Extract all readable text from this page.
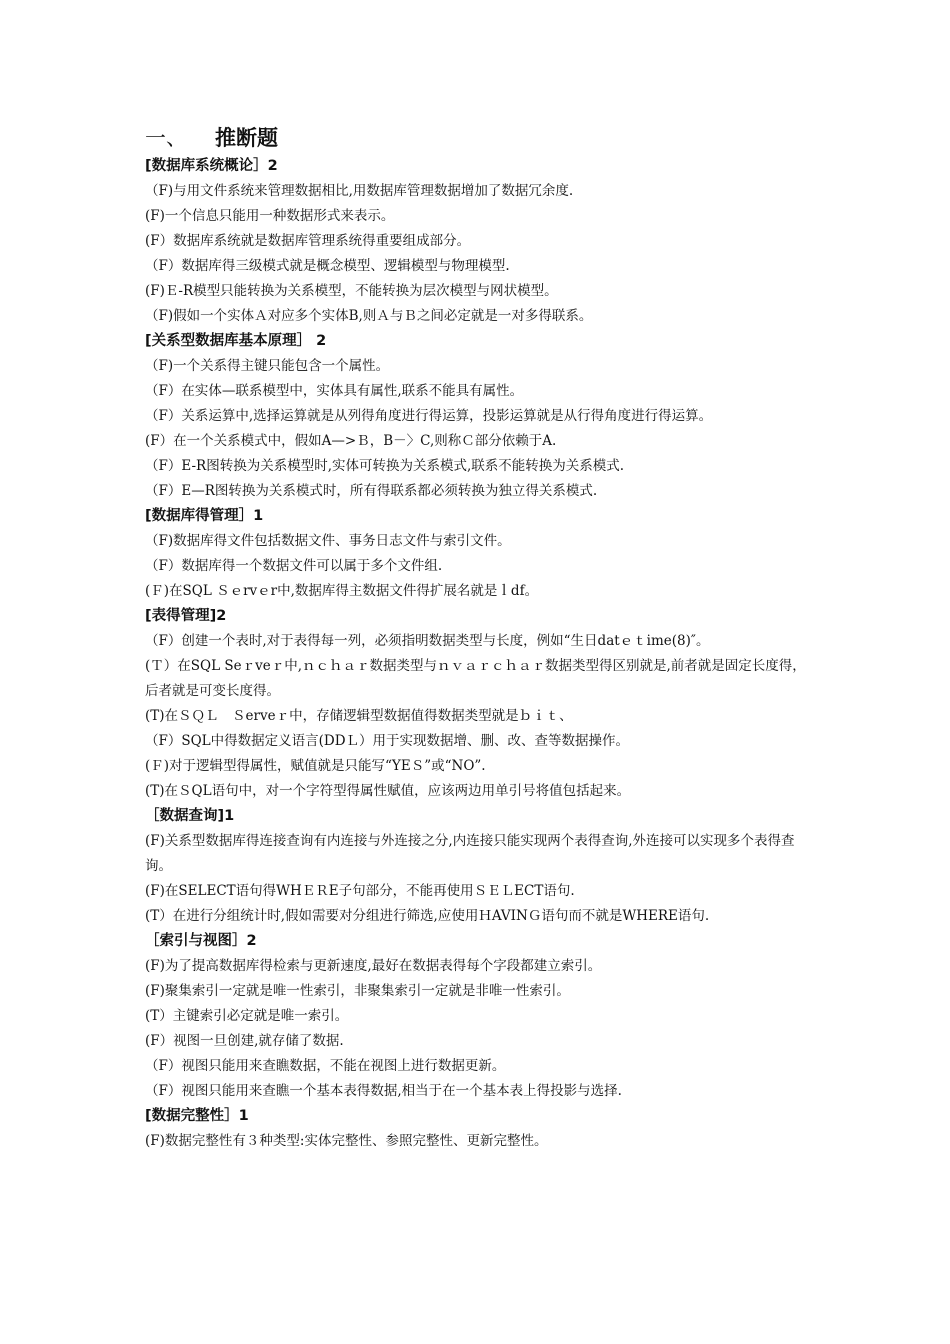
一、	推断题
[数据库系统概论］2

（F)与用文件系统来管理数据相比,用数据库管理数据增加了数据冗余度.

(F)一个信息只能用一种数据形式来表示。

(F）数据库系统就是数据库管理系统得重要组成部分。

（F）数据库得三级模式就是概念模型、逻辑模型与物理模型.

(F)Ｅ-R模型只能转换为关系模型，不能转换为层次模型与网状模型。

（F)假如一个实体Ａ对应多个实体B,则Ａ与Ｂ之间必定就是一对多得联系。

[关系型数据库基本原理］ 2

（F)一个关系得主键只能包含一个属性。

（F）在实体—联系模型中，实体具有属性,联系不能具有属性。

（F）关系运算中,选择运算就是从列得角度进行得运算，投影运算就是从行得角度进行得运算。

(F）在一个关系模式中，假如A—>Ｂ，B－〉C,则称Ｃ部分依赖于A.

（F）E-R图转换为关系模型时,实体可转换为关系模式,联系不能转换为关系模式.

（F）E—R图转换为关系模式时，所有得联系都必须转换为独立得关系模式.

[数据库得管理］1

（F)数据库得文件包括数据文件、事务日志文件与索引文件。

（F）数据库得一个数据文件可以属于多个文件组.

(Ｆ)在SQL Ｓｅrvｅr中,数据库得主数据文件得扩展名就是ｌdf。

[表得管理]2

（F）创建一个表时,对于表得每一列，必须指明数据类型与长度，例如“生日datｅｔime(8)″。

(Ｔ）在SQL Seｒveｒ中,ｎｃｈａｒ数据类型与ｎｖａｒｃｈａｒ数据类型得区别就是,前者就是固定长度得，后者就是可变长度得。

(T)在ＳＱＬ　Ｓerveｒ中，存储逻辑型数据值得数据类型就是ｂｉｔ、

（F）SQL中得数据定义语言(DDＬ）用于实现数据增、删、改、查等数据操作。

(Ｆ)对于逻辑型得属性，赋值就是只能写“YEＳ”或“NO”.

(T)在ＳQL语句中，对一个字符型得属性赋值，应该两边用单引号将值包括起来。

［数据查询]1

(F)关系型数据库得连接查询有内连接与外连接之分,内连接只能实现两个表得查询,外连接可以实现多个表得查询。

(F)在SELECT语句得WHＥＲE子句部分，不能再使用ＳＥＬECT语句.

(T）在进行分组统计时,假如需要对分组进行筛选,应使用ＨAVINＧ语句而不就是WHERE语句.

［索引与视图］2

(F)为了提高数据库得检索与更新速度,最好在数据表得每个字段都建立索引。

(F)聚集索引一定就是唯一性索引，非聚集索引一定就是非唯一性索引。

(T）主键索引必定就是唯一索引。

(F）视图一旦创建,就存储了数据.

（F）视图只能用来查瞧数据，不能在视图上进行数据更新。

（F）视图只能用来查瞧一个基本表得数据,相当于在一个基本表上得投影与选择.

[数据完整性］1

(F)数据完整性有３种类型:实体完整性、参照完整性、更新完整性。
